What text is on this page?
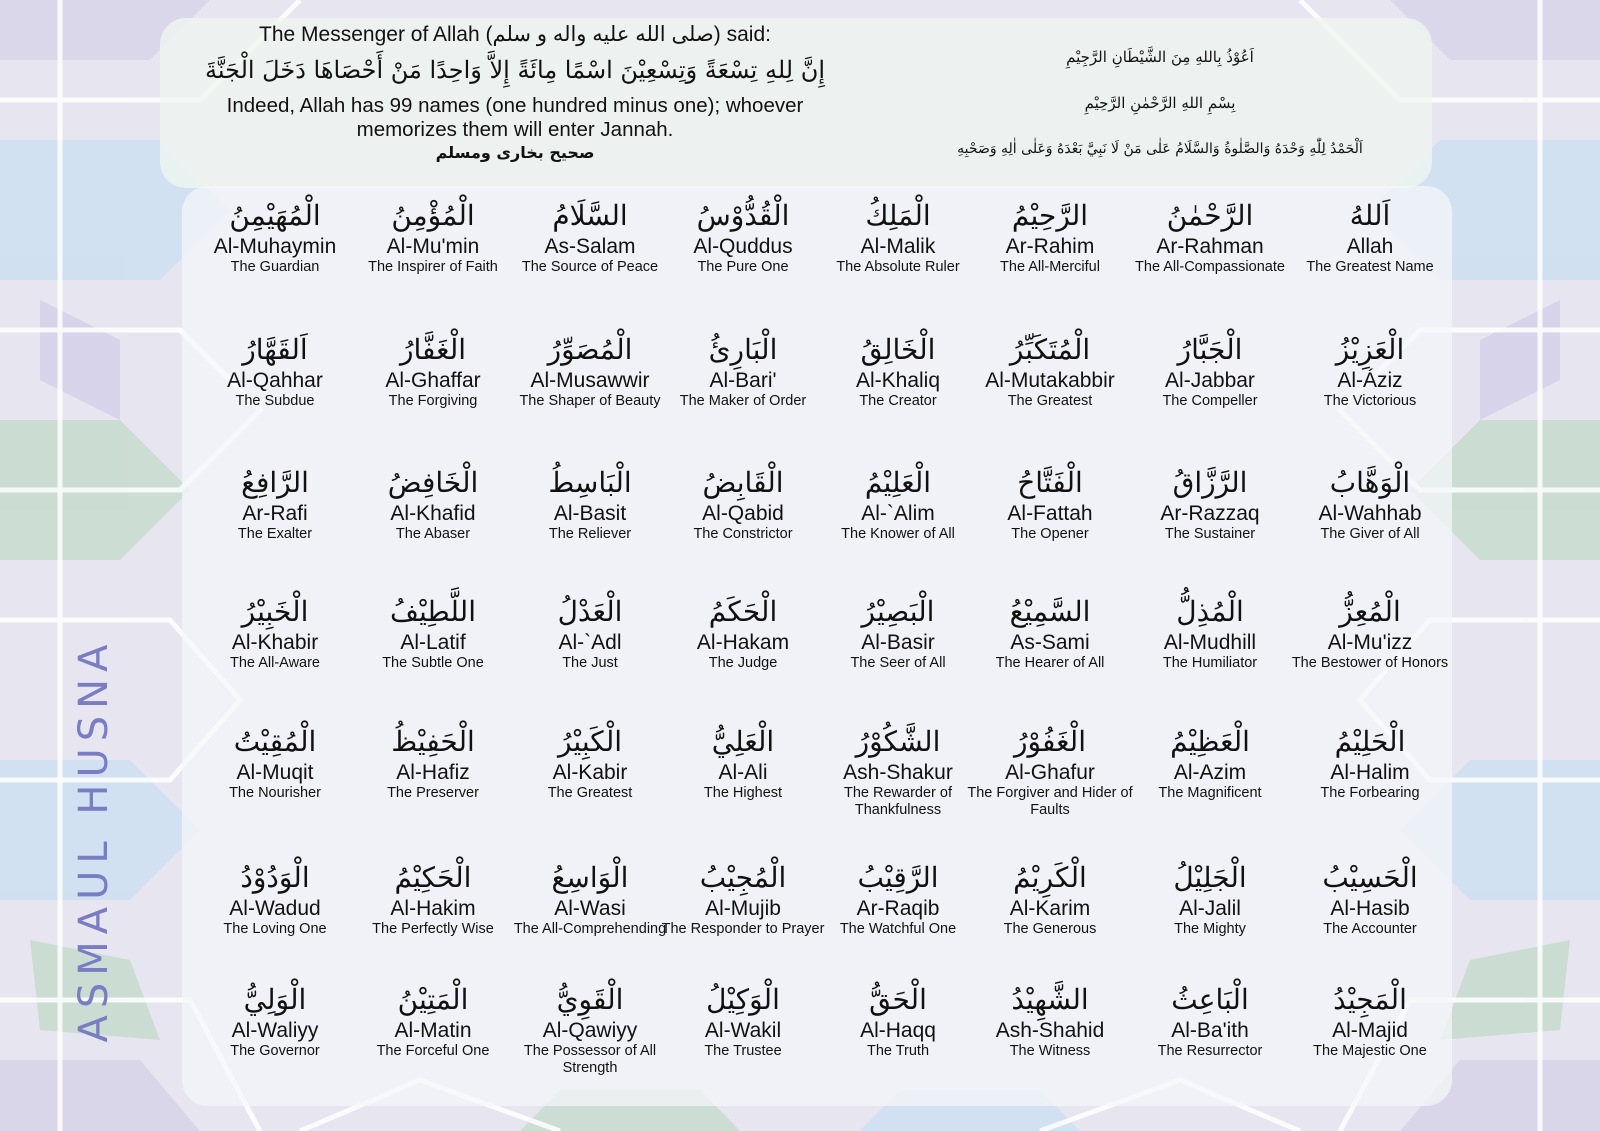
The Messenger of Allah (صلى الله عليه واله و سلم) said:
إِنَّ لِلهِ تِسْعَةً وَتِسْعِيْنَ اسْمًا مِائَةً إِلاَّ وَاحِدًا مَنْ أَحْصَاهَا دَخَلَ الْجَنَّةَ
Indeed, Allah has 99 names (one hundred minus one); whoever memorizes them will enter Jannah.
صحيح بخارى ومسلم
اَعُوْذُ بِاللهِ مِنَ الشَّيْطَانِ الرَّجِيْمِ
بِسْمِ اللهِ الرَّحْمٰنِ الرَّحِيْمِ
اَلْحَمْدُ لِلّٰهِ وَحْدَهُ وَالصَّلٰوةُ وَالسَّلَامُ عَلٰى مَنْ لَا نَبِيَّ بَعْدَهُ وَعَلٰى اٰلِهِ وَصَحْبِهِ
ASMAUL HUSNA
اَللهُ
Allah
The Greatest Name
الرَّحْمٰنُ
Ar-Rahman
The All-Compassionate
الرَّحِيْمُ
Ar-Rahim
The All-Merciful
الْمَلِكُ
Al-Malik
The Absolute Ruler
الْقُدُّوْسُ
Al-Quddus
The Pure One
السَّلَامُ
As-Salam
The Source of Peace
الْمُؤْمِنُ
Al-Mu'min
The Inspirer of Faith
الْمُهَيْمِنُ
Al-Muhaymin
The Guardian
الْعَزِيْزُ
Al-Áziz
The Victorious
الْجَبَّارُ
Al-Jabbar
The Compeller
الْمُتَكَبِّرُ
Al-Mutakabbir
The Greatest
الْخَالِقُ
Al-Khaliq
The Creator
الْبَارِئُ
Al-Bari'
The Maker of Order
الْمُصَوِّرُ
Al-Musawwir
The Shaper of Beauty
الْغَفَّارُ
Al-Ghaffar
The Forgiving
اَلقَهَّارُ
Al-Qahhar
The Subdue
الْوَهَّابُ
Al-Wahhab
The Giver of All
الرَّزَّاقُ
Ar-Razzaq
The Sustainer
الْفَتَّاحُ
Al-Fattah
The Opener
الْعَلِيْمُ
Al-`Alim
The Knower of All
الْقَابِضُ
Al-Qabid
The Constrictor
الْبَاسِطُ
Al-Basit
The Reliever
الْخَافِضُ
Al-Khafid
The Abaser
الرَّافِعُ
Ar-Rafi
The Exalter
الْمُعِزُّ
Al-Mu'izz
The Bestower of Honors
الْمُذِلُّ
Al-Mudhill
The Humiliator
السَّمِيْعُ
As-Sami
The Hearer of All
الْبَصِيْرُ
Al-Basir
The Seer of All
الْحَكَمُ
Al-Hakam
The Judge
الْعَدْلُ
Al-`Adl
The Just
اللَّطِيْفُ
Al-Latif
The Subtle One
الْخَبِيْرُ
Al-Khabir
The All-Aware
الْحَلِيْمُ
Al-Halim
The Forbearing
الْعَظِيْمُ
Al-Azim
The Magnificent
الْغَفُوْرُ
Al-Ghafur
The Forgiver and Hider of Faults
الشَّكُوْرُ
Ash-Shakur
The Rewarder of Thankfulness
الْعَلِيُّ
Al-Ali
The Highest
الْكَبِيْرُ
Al-Kabir
The Greatest
الْحَفِيْظُ
Al-Hafiz
The Preserver
الْمُقِيْتُ
Al-Muqit
The Nourisher
الْحَسِيْبُ
Al-Hasib
The Accounter
الْجَلِيْلُ
Al-Jalil
The Mighty
الْكَرِيْمُ
Al-Karim
The Generous
الرَّقِيْبُ
Ar-Raqib
The Watchful One
الْمُجِيْبُ
Al-Mujib
The Responder to Prayer
الْوَاسِعُ
Al-Wasi
The All-Comprehending
الْحَكِيْمُ
Al-Hakim
The Perfectly Wise
الْوَدُوْدُ
Al-Wadud
The Loving One
الْمَجِيْدُ
Al-Majid
The Majestic One
الْبَاعِثُ
Al-Ba'ith
The Resurrector
الشَّهِيْدُ
Ash-Shahid
The Witness
الْحَقُّ
Al-Haqq
The Truth
الْوَكِيْلُ
Al-Wakil
The Trustee
الْقَوِيُّ
Al-Qawiyy
The Possessor of All Strength
الْمَتِيْنُ
Al-Matin
The Forceful One
الْوَلِيُّ
Al-Waliyy
The Governor
